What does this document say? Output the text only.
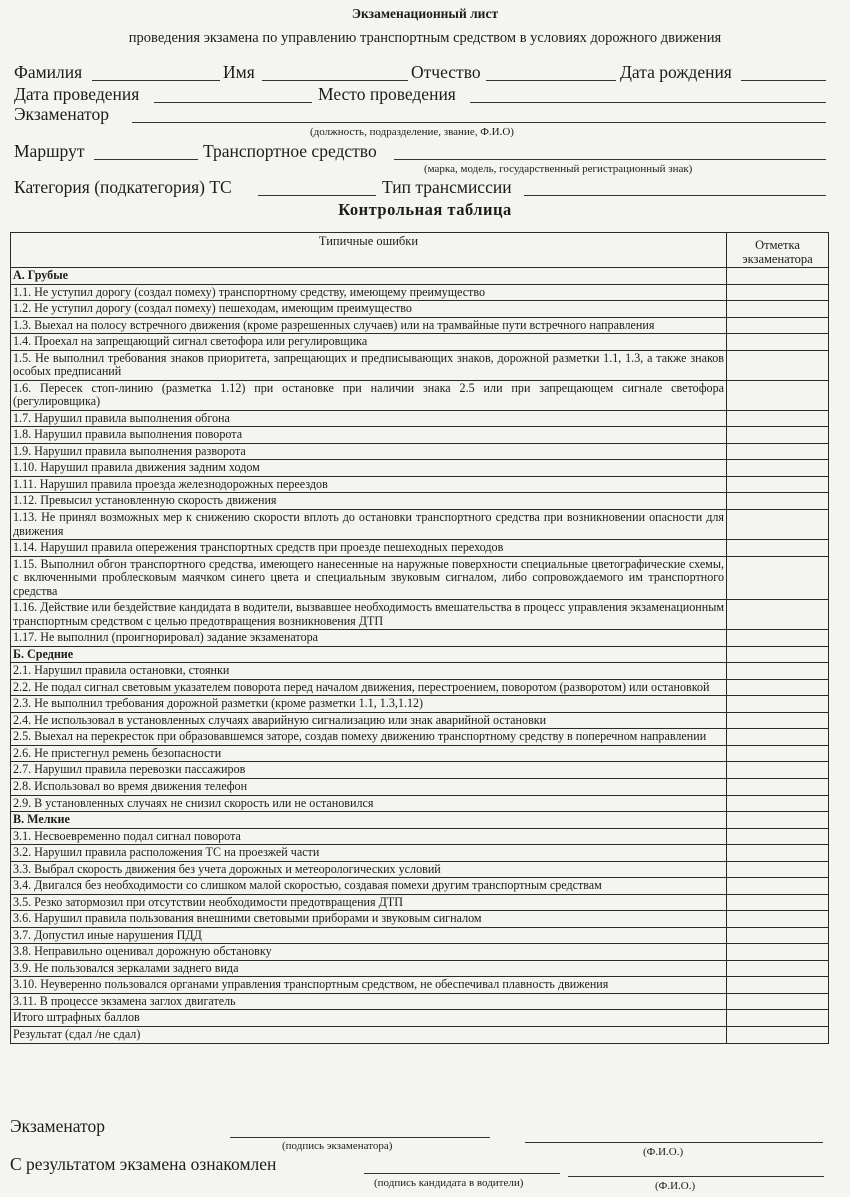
Экзаменационный лист
проведения экзамена по управлению транспортным средством в условиях дорожного движения
Фамилия	Имя	Отчество	Дата рождения
Дата проведения	Место проведения
Экзаменатор
(должность, подразделение, звание, Ф.И.О)
Маршрут	Транспортное средство
(марка, модель, государственный регистрационный знак)
Категория (подкатегория) ТС	Тип трансмиссии
Контрольная таблица
Типичные ошибки	Отметка экзаменатора
А. Грубые	
1.1. Не уступил дорогу (создал помеху) транспортному средству, имеющему преимущество	
1.2. Не уступил дорогу (создал помеху) пешеходам, имеющим преимущество	
1.3. Выехал на полосу встречного движения (кроме разрешенных случаев) или на трамвайные пути встречного направления	
1.4. Проехал на запрещающий сигнал светофора или регулировщика	
1.5. Не выполнил требования знаков приоритета, запрещающих и предписывающих знаков, дорожной разметки 1.1, 1.3, а также знаков особых предписаний	
1.6. Пересек стоп-линию (разметка 1.12) при остановке при наличии знака 2.5 или при запрещающем сигнале светофора (регулировщика)	
1.7. Нарушил правила выполнения обгона	
1.8. Нарушил правила выполнения поворота	
1.9. Нарушил правила выполнения разворота	
1.10. Нарушил правила движения задним ходом	
1.11. Нарушил правила проезда железнодорожных переездов	
1.12. Превысил установленную скорость движения	
1.13. Не принял возможных мер к снижению скорости вплоть до остановки транспортного средства при возникновении опасности для движения	
1.14. Нарушил правила опережения транспортных средств при проезде пешеходных переходов	
1.15. Выполнил обгон транспортного средства, имеющего нанесенные на наружные поверхности специальные цветографические схемы, с включенными проблесковым маячком синего цвета и специальным звуковым сигналом, либо сопровождаемого им транспортного средства	
1.16. Действие или бездействие кандидата в водители, вызвавшее необходимость вмешательства в процесс управления экзаменационным транспортным средством с целью предотвращения возникновения ДТП	
1.17. Не выполнил (проигнорировал) задание экзаменатора	
Б. Средние	
2.1. Нарушил правила остановки, стоянки	
2.2. Не подал сигнал световым указателем поворота перед началом движения, перестроением, поворотом (разворотом) или остановкой	
2.3. Не выполнил требования дорожной разметки (кроме разметки 1.1, 1.3,1.12)	
2.4. Не использовал в установленных случаях аварийную сигнализацию или знак аварийной остановки	
2.5. Выехал на перекресток при образовавшемся заторе, создав помеху движению транспортному средству в поперечном направлении	
2.6. Не пристегнул ремень безопасности	
2.7. Нарушил правила перевозки пассажиров	
2.8. Использовал во время движения телефон	
2.9. В установленных случаях не снизил скорость или не остановился	
В. Мелкие	
3.1. Несвоевременно подал сигнал поворота	
3.2. Нарушил правила расположения ТС на проезжей части	
3.3. Выбрал скорость движения без учета дорожных и метеорологических условий	
3.4. Двигался без необходимости со слишком малой скоростью, создавая помехи другим транспортным средствам	
3.5. Резко затормозил при отсутствии необходимости предотвращения ДТП	
3.6. Нарушил правила пользования внешними световыми приборами и звуковым сигналом	
3.7. Допустил иные нарушения ПДД	
3.8. Неправильно оценивал дорожную обстановку	
3.9. Не пользовался зеркалами заднего вида	
3.10. Неуверенно пользовался органами управления транспортным средством, не обеспечивал плавность движения	
3.11. В процессе экзамена заглох двигатель	
Итого штрафных баллов	
Результат (сдал /не сдал)	
Экзаменатор
(подпись экзаменатора)	(Ф.И.О.)
С результатом экзамена ознакомлен
(подпись кандидата в водители)	(Ф.И.О.)
